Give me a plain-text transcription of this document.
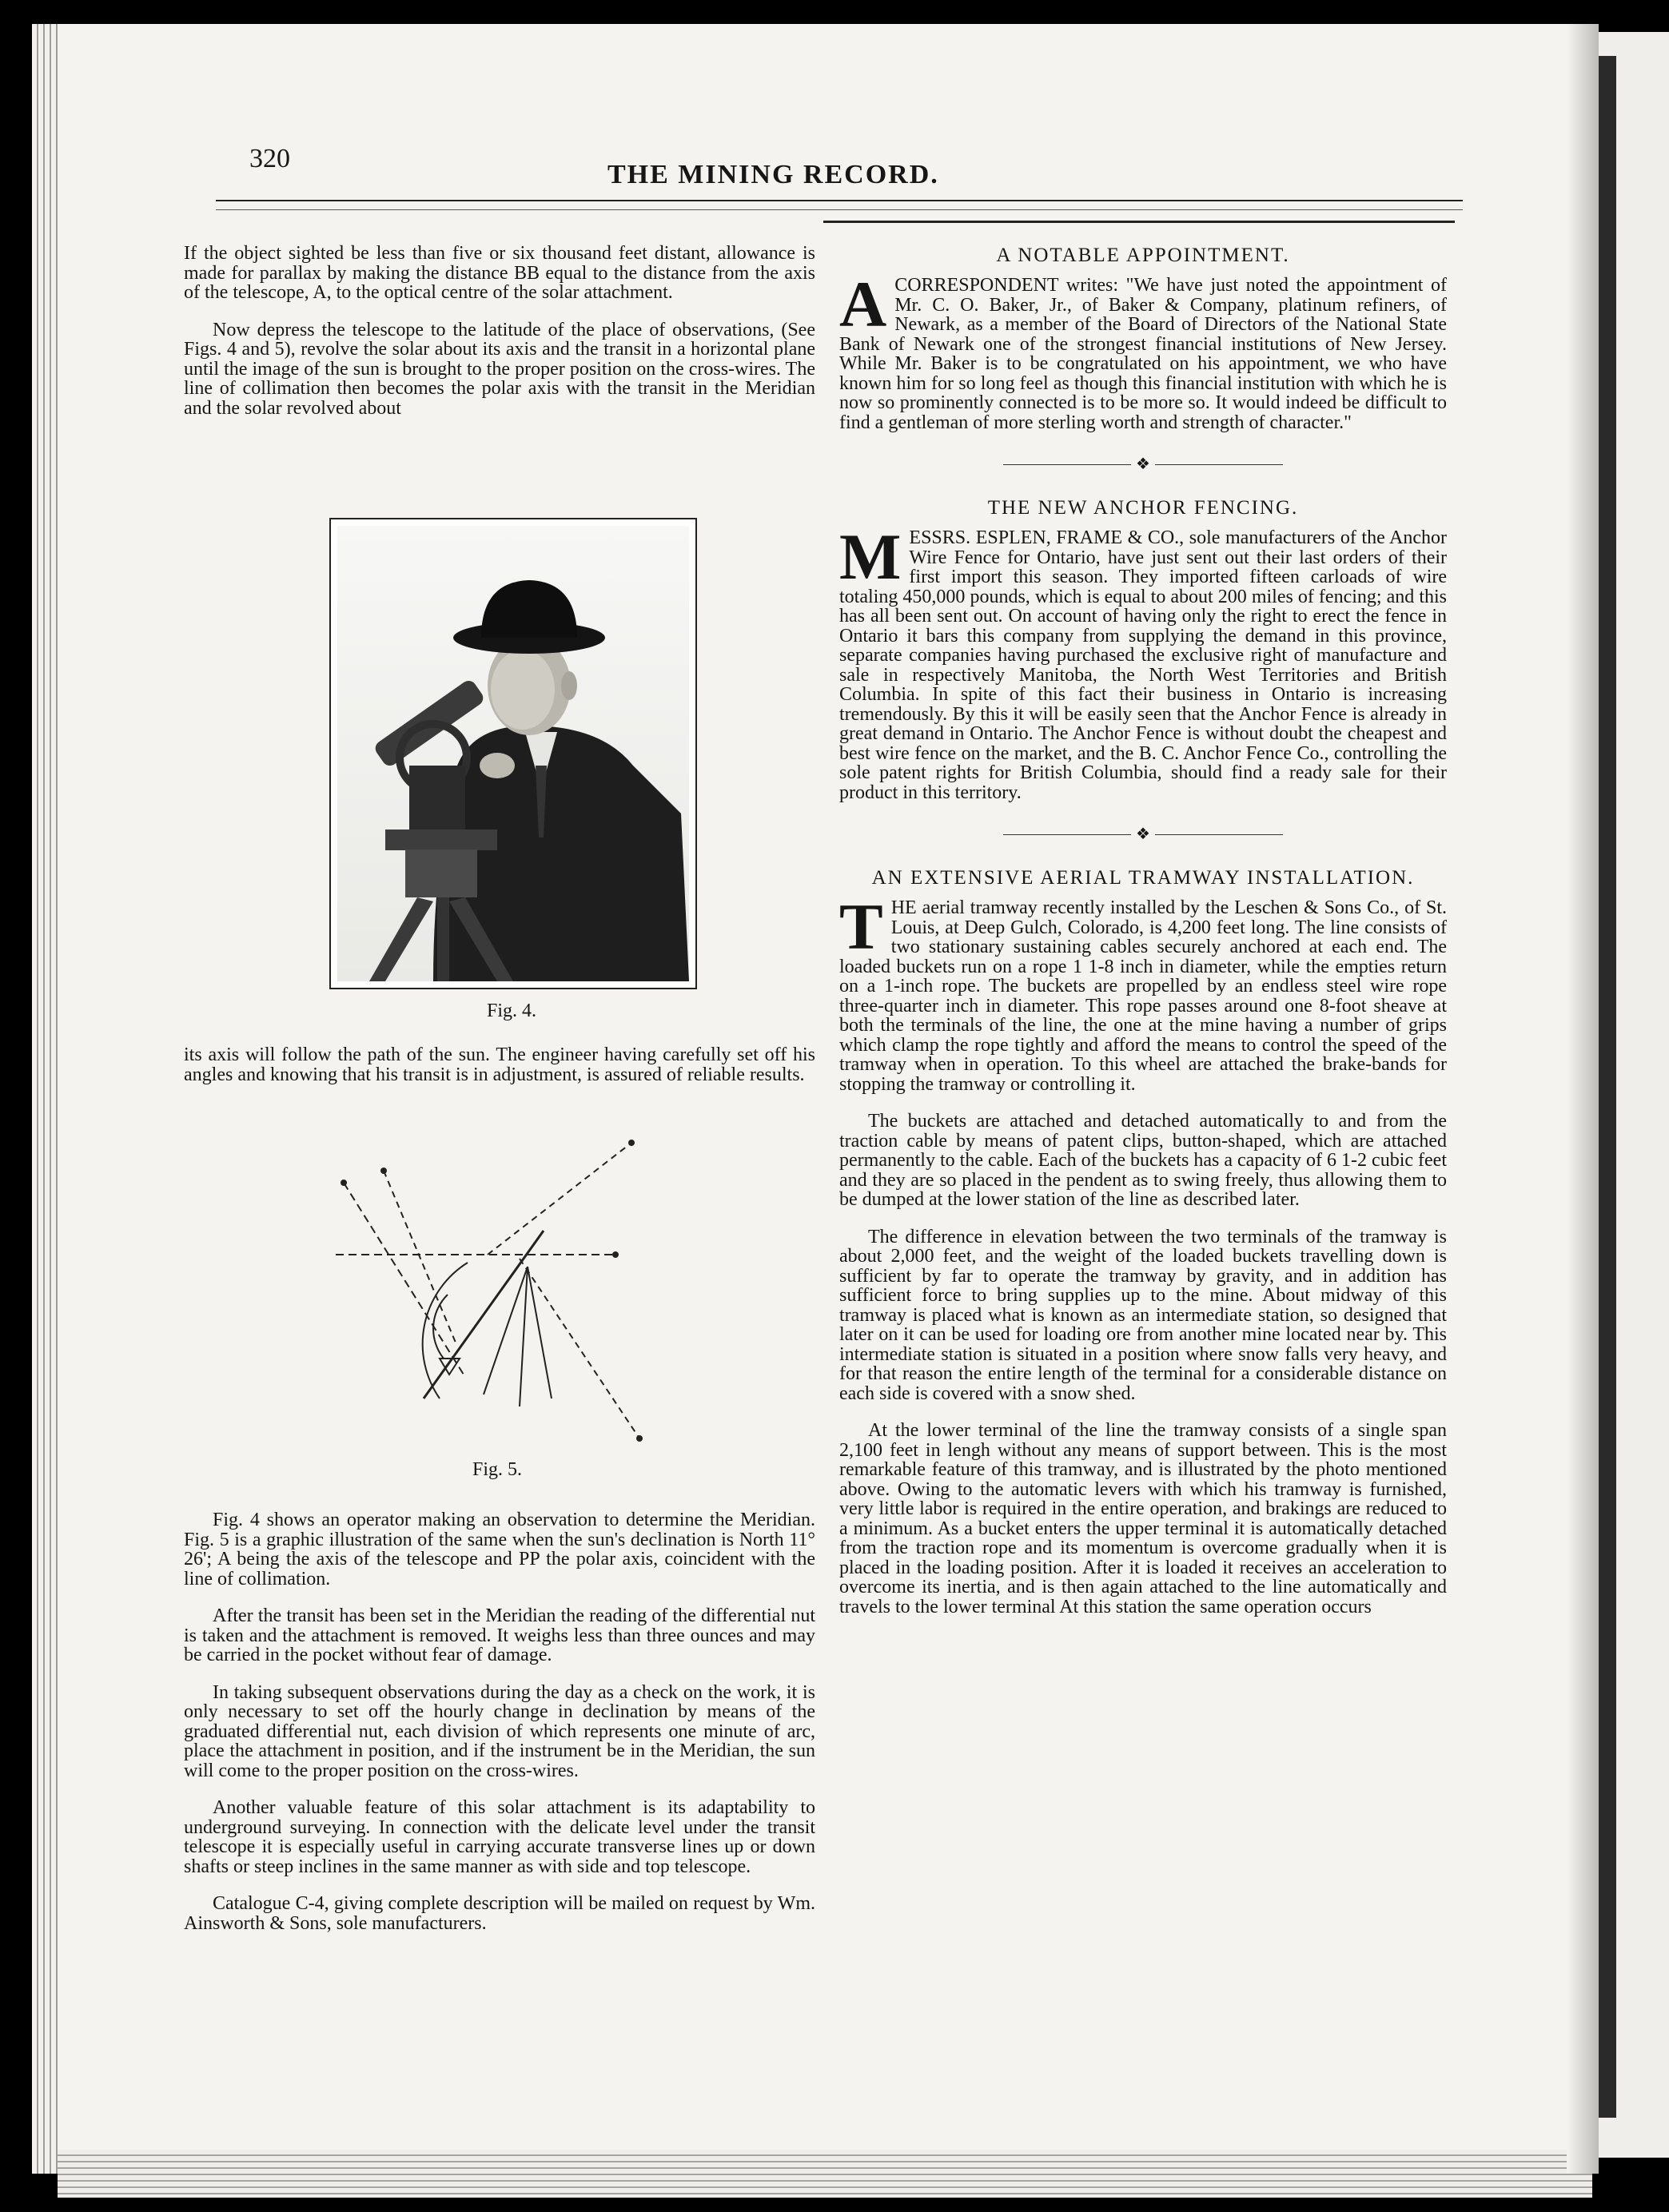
320
THE MINING RECORD.

If the object sighted be less than five or six thousand feet distant, allowance is made for parallax by making the distance BB equal to the distance from the axis of the telescope, A, to the optical centre of the solar attachment.

Now depress the telescope to the latitude of the place of observations, (See Figs. 4 and 5), revolve the solar about its axis and the transit in a horizontal plane until the image of the sun is brought to the proper position on the cross-wires. The line of collimation then becomes the polar axis with the transit in the Meridian and the solar revolved about

Fig. 4.

its axis will follow the path of the sun. The engineer having carefully set off his angles and knowing that his transit is in adjustment, is assured of reliable results.

Fig. 5.

Fig. 4 shows an operator making an observation to determine the Meridian. Fig. 5 is a graphic illustration of the same when the sun's declination is North 11° 26'; A being the axis of the telescope and PP the polar axis, coincident with the line of collimation.

After the transit has been set in the Meridian the reading of the differential nut is taken and the attachment is removed. It weighs less than three ounces and may be carried in the pocket without fear of damage.

In taking subsequent observations during the day as a check on the work, it is only necessary to set off the hourly change in declination by means of the graduated differential nut, each division of which represents one minute of arc, place the attachment in position, and if the instrument be in the Meridian, the sun will come to the proper position on the cross-wires.

Another valuable feature of this solar attachment is its adaptability to underground surveying. In connection with the delicate level under the transit telescope it is especially useful in carrying accurate transverse lines up or down shafts or steep inclines in the same manner as with side and top telescope.

Catalogue C-4, giving complete description will be mailed on request by Wm. Ainsworth & Sons, sole manufacturers.

A NOTABLE APPOINTMENT.
A CORRESPONDENT writes: "We have just noted the appointment of Mr. C. O. Baker, Jr., of Baker & Company, platinum refiners, of Newark, as a member of the Board of Directors of the National State Bank of Newark one of the strongest financial institutions of New Jersey. While Mr. Baker is to be congratulated on his appointment, we who have known him for so long feel as though this financial institution with which he is now so prominently connected is to be more so. It would indeed be difficult to find a gentleman of more sterling worth and strength of character."

❖
THE NEW ANCHOR FENCING.
M ESSRS. ESPLEN, FRAME & CO., sole manufacturers of the Anchor Wire Fence for Ontario, have just sent out their last orders of their first import this season. They imported fifteen carloads of wire totaling 450,000 pounds, which is equal to about 200 miles of fencing; and this has all been sent out. On account of having only the right to erect the fence in Ontario it bars this company from supplying the demand in this province, separate companies having purchased the exclusive right of manufacture and sale in respectively Manitoba, the North West Territories and British Columbia. In spite of this fact their business in Ontario is increasing tremendously. By this it will be easily seen that the Anchor Fence is already in great demand in Ontario. The Anchor Fence is without doubt the cheapest and best wire fence on the market, and the B. C. Anchor Fence Co., controlling the sole patent rights for British Columbia, should find a ready sale for their product in this territory.

❖
AN EXTENSIVE AERIAL TRAMWAY INSTALLATION.
T HE aerial tramway recently installed by the Leschen & Sons Co., of St. Louis, at Deep Gulch, Colorado, is 4,200 feet long. The line consists of two stationary sustaining cables securely anchored at each end. The loaded buckets run on a rope 1 1-8 inch in diameter, while the empties return on a 1-inch rope. The buckets are propelled by an endless steel wire rope three-quarter inch in diameter. This rope passes around one 8-foot sheave at both the terminals of the line, the one at the mine having a number of grips which clamp the rope tightly and afford the means to control the speed of the tramway when in operation. To this wheel are attached the brake-bands for stopping the tramway or controlling it.

The buckets are attached and detached automatically to and from the traction cable by means of patent clips, button-shaped, which are attached permanently to the cable. Each of the buckets has a capacity of 6 1-2 cubic feet and they are so placed in the pendent as to swing freely, thus allowing them to be dumped at the lower station of the line as described later.

The difference in elevation between the two terminals of the tramway is about 2,000 feet, and the weight of the loaded buckets travelling down is sufficient by far to operate the tramway by gravity, and in addition has sufficient force to bring supplies up to the mine. About midway of this tramway is placed what is known as an intermediate station, so designed that later on it can be used for loading ore from another mine located near by. This intermediate station is situated in a position where snow falls very heavy, and for that reason the entire length of the terminal for a considerable distance on each side is covered with a snow shed.

At the lower terminal of the line the tramway consists of a single span 2,100 feet in lengh without any means of support between. This is the most remarkable feature of this tramway, and is illustrated by the photo mentioned above. Owing to the automatic levers with which his tramway is furnished, very little labor is required in the entire operation, and brakings are reduced to a minimum. As a bucket enters the upper terminal it is automatically detached from the traction rope and its momentum is overcome gradually when it is placed in the loading position. After it is loaded it receives an acceleration to overcome its inertia, and is then again attached to the line automatically and travels to the lower terminal At this station the same operation occurs
